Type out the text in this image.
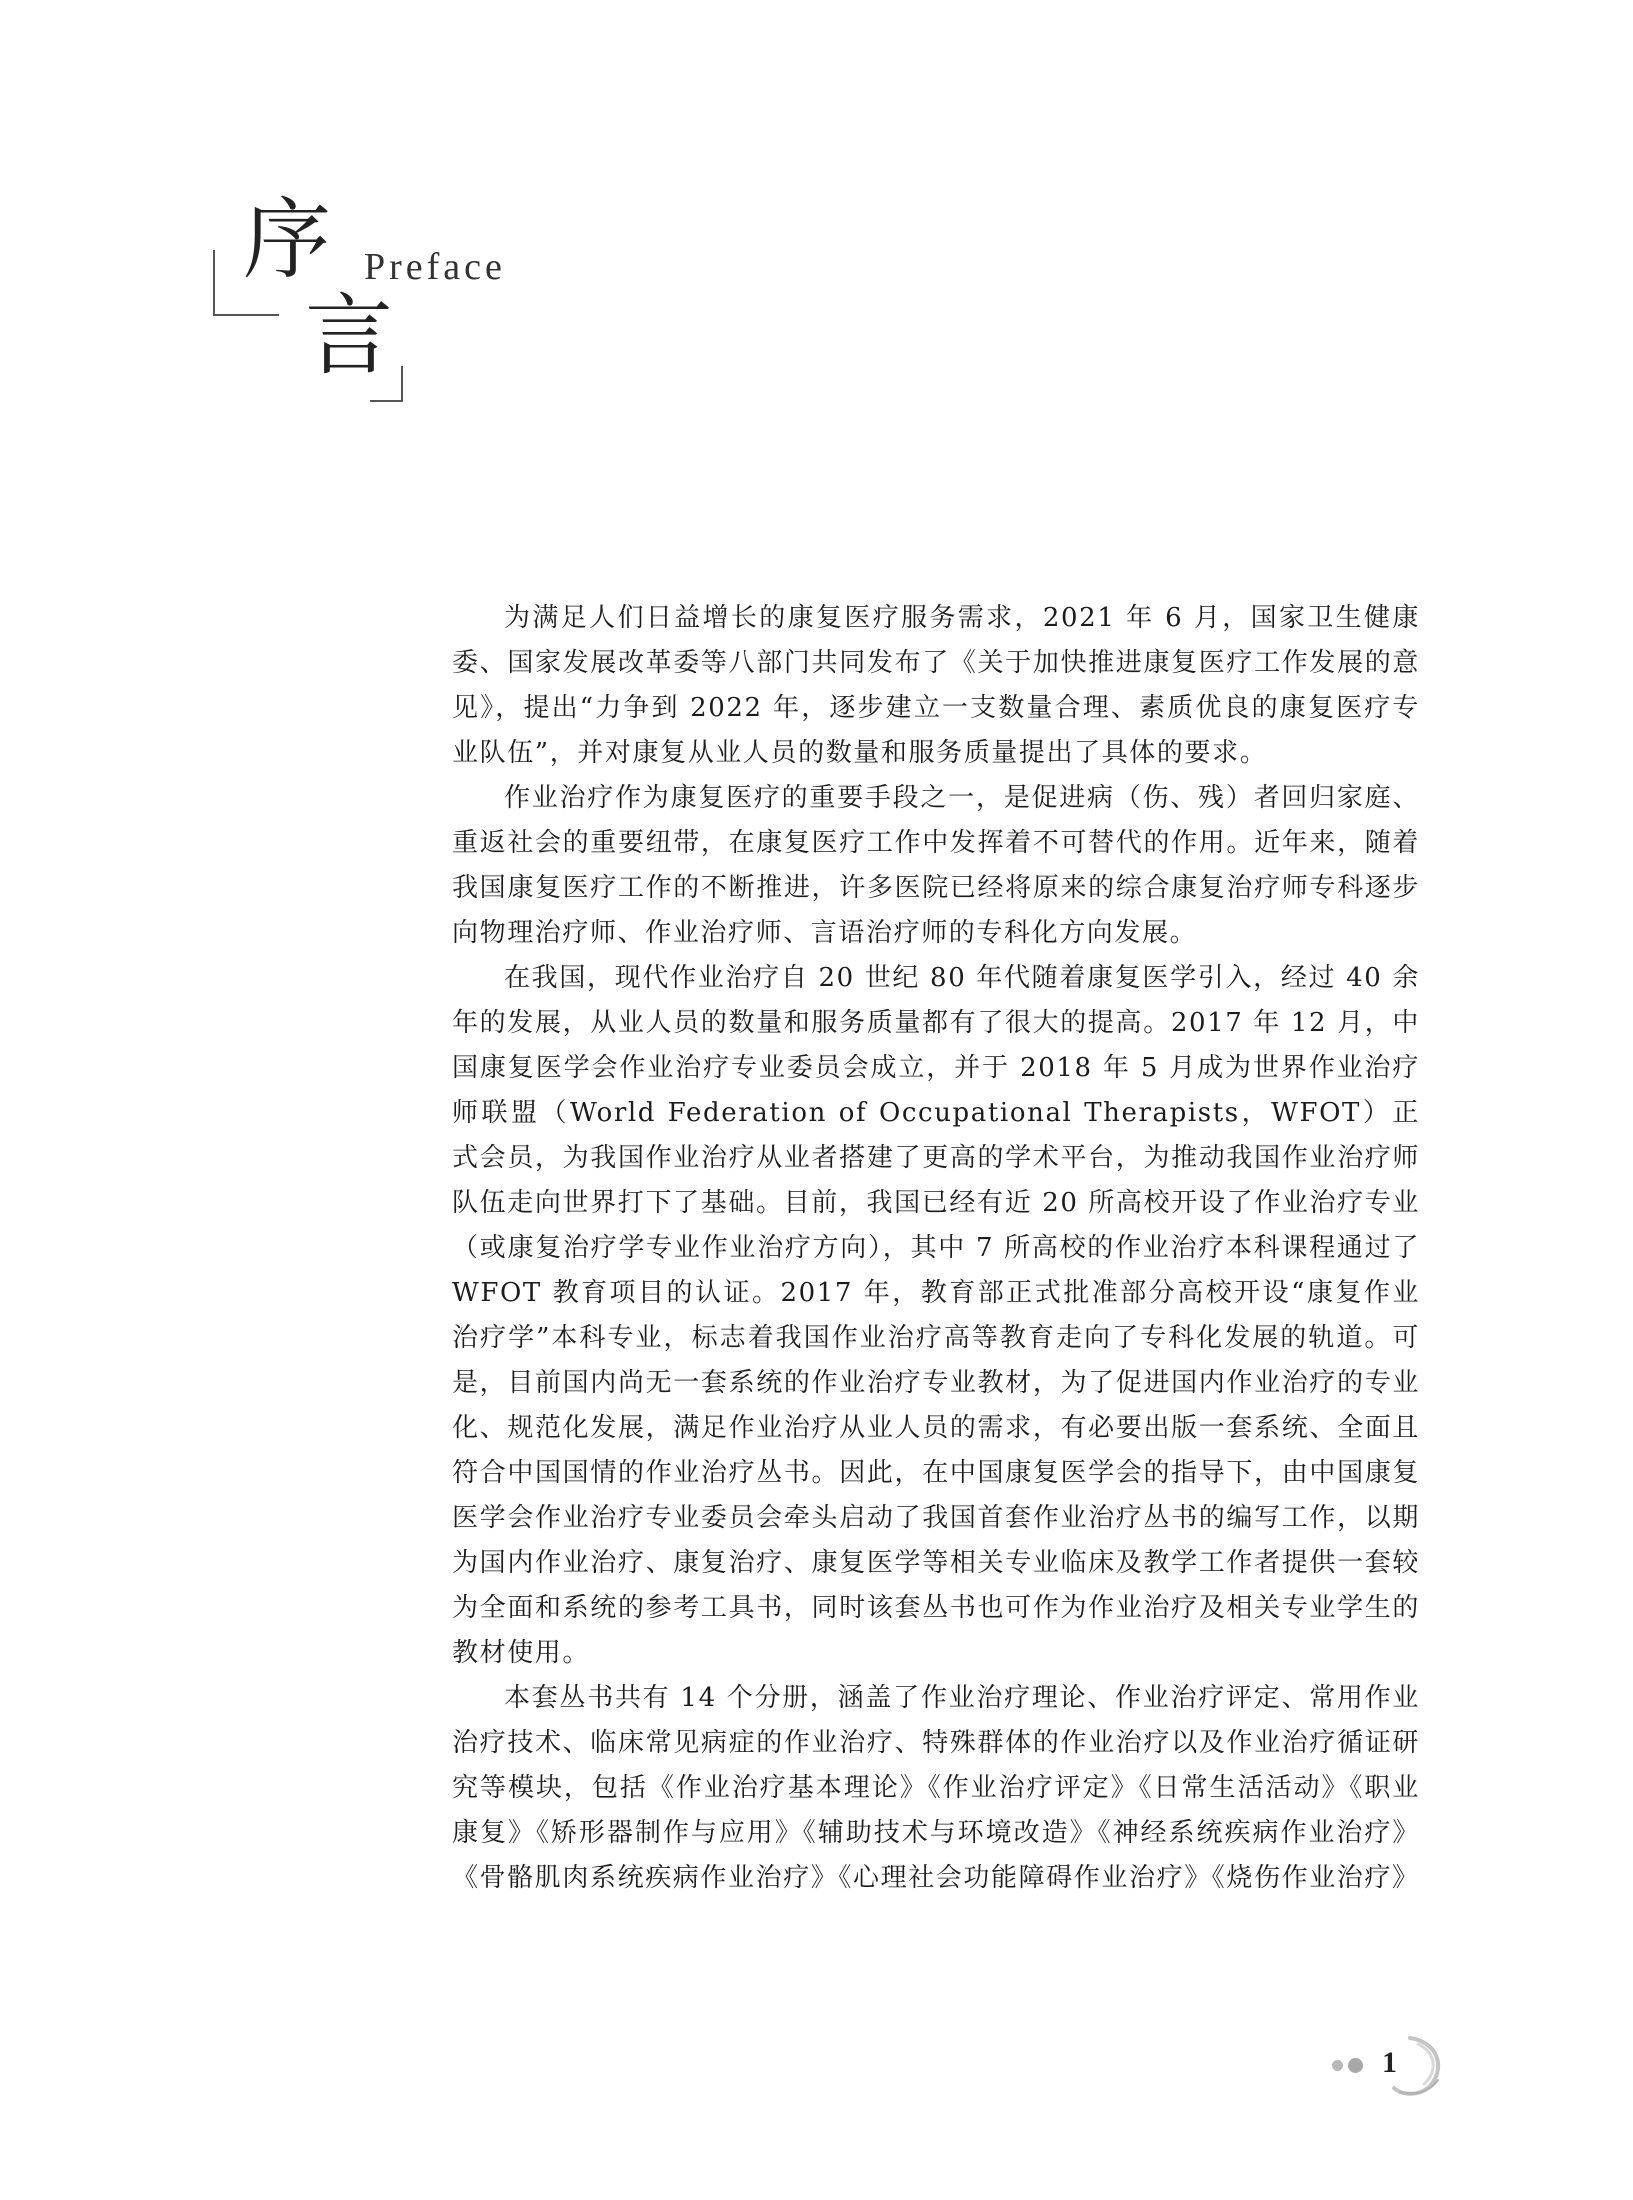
序 Preface
言

为满足人们日益增长的康复医疗服务需求，2021 年 6 月，国家卫生健康委、国家发展改革委等八部门共同发布了《关于加快推进康复医疗工作发展的意见》，提出“力争到 2022 年，逐步建立一支数量合理、素质优良的康复医疗专业队伍”，并对康复从业人员的数量和服务质量提出了具体的要求。

作业治疗作为康复医疗的重要手段之一，是促进病（伤、残）者回归家庭、重返社会的重要纽带，在康复医疗工作中发挥着不可替代的作用。近年来，随着我国康复医疗工作的不断推进，许多医院已经将原来的综合康复治疗师专科逐步向物理治疗师、作业治疗师、言语治疗师的专科化方向发展。

在我国，现代作业治疗自 20 世纪 80 年代随着康复医学引入，经过 40 余年的发展，从业人员的数量和服务质量都有了很大的提高。2017 年 12 月，中国康复医学会作业治疗专业委员会成立，并于 2018 年 5 月成为世界作业治疗师联盟（World Federation of Occupational Therapists，WFOT）正式会员，为我国作业治疗从业者搭建了更高的学术平台，为推动我国作业治疗师队伍走向世界打下了基础。目前，我国已经有近 20 所高校开设了作业治疗专业（或康复治疗学专业作业治疗方向），其中 7 所高校的作业治疗本科课程通过了 WFOT 教育项目的认证。2017 年，教育部正式批准部分高校开设“康复作业治疗学”本科专业，标志着我国作业治疗高等教育走向了专科化发展的轨道。可是，目前国内尚无一套系统的作业治疗专业教材，为了促进国内作业治疗的专业化、规范化发展，满足作业治疗从业人员的需求，有必要出版一套系统、全面且符合中国国情的作业治疗丛书。因此，在中国康复医学会的指导下，由中国康复医学会作业治疗专业委员会牵头启动了我国首套作业治疗丛书的编写工作，以期为国内作业治疗、康复治疗、康复医学等相关专业临床及教学工作者提供一套较为全面和系统的参考工具书，同时该套丛书也可作为作业治疗及相关专业学生的教材使用。

本套丛书共有 14 个分册，涵盖了作业治疗理论、作业治疗评定、常用作业治疗技术、临床常见病症的作业治疗、特殊群体的作业治疗以及作业治疗循证研究等模块，包括《作业治疗基本理论》《作业治疗评定》《日常生活活动》《职业康复》《矫形器制作与应用》《辅助技术与环境改造》《神经系统疾病作业治疗》《骨骼肌肉系统疾病作业治疗》《心理社会功能障碍作业治疗》《烧伤作业治疗》

1
